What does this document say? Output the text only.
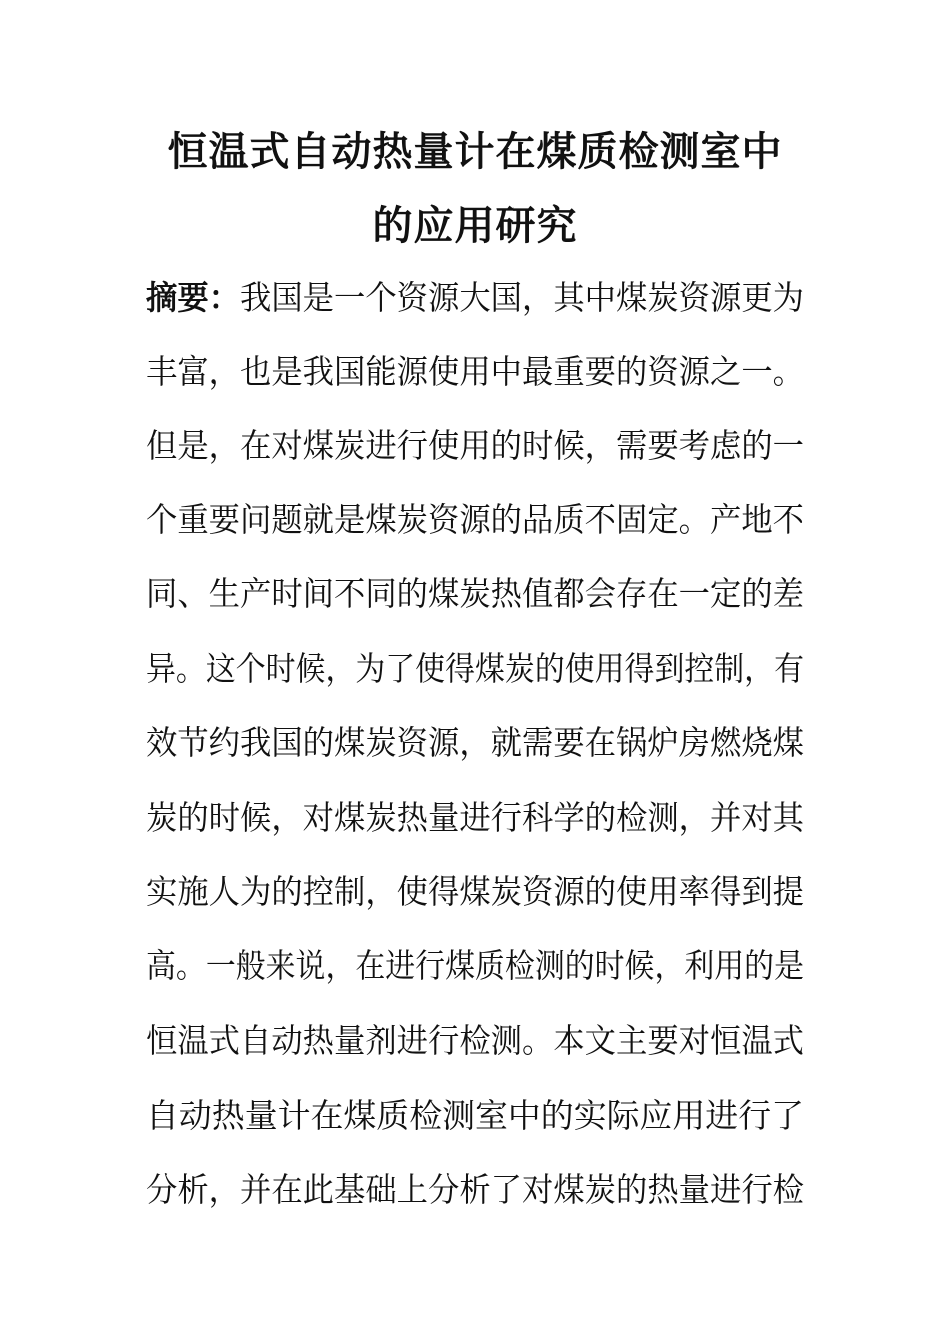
恒温式自动热量计在煤质检测室中
的应用研究
摘要：我国是一个资源大国，其中煤炭资源更为
丰富，也是我国能源使用中最重要的资源之一。
但是，在对煤炭进行使用的时候，需要考虑的一
个重要问题就是煤炭资源的品质不固定。产地不
同、生产时间不同的煤炭热值都会存在一定的差
异。这个时候，为了使得煤炭的使用得到控制，有
效节约我国的煤炭资源，就需要在锅炉房燃烧煤
炭的时候，对煤炭热量进行科学的检测，并对其
实施人为的控制，使得煤炭资源的使用率得到提
高。一般来说，在进行煤质检测的时候，利用的是
恒温式自动热量剂进行检测。本文主要对恒温式
自动热量计在煤质检测室中的实际应用进行了
分析，并在此基础上分析了对煤炭的热量进行检
